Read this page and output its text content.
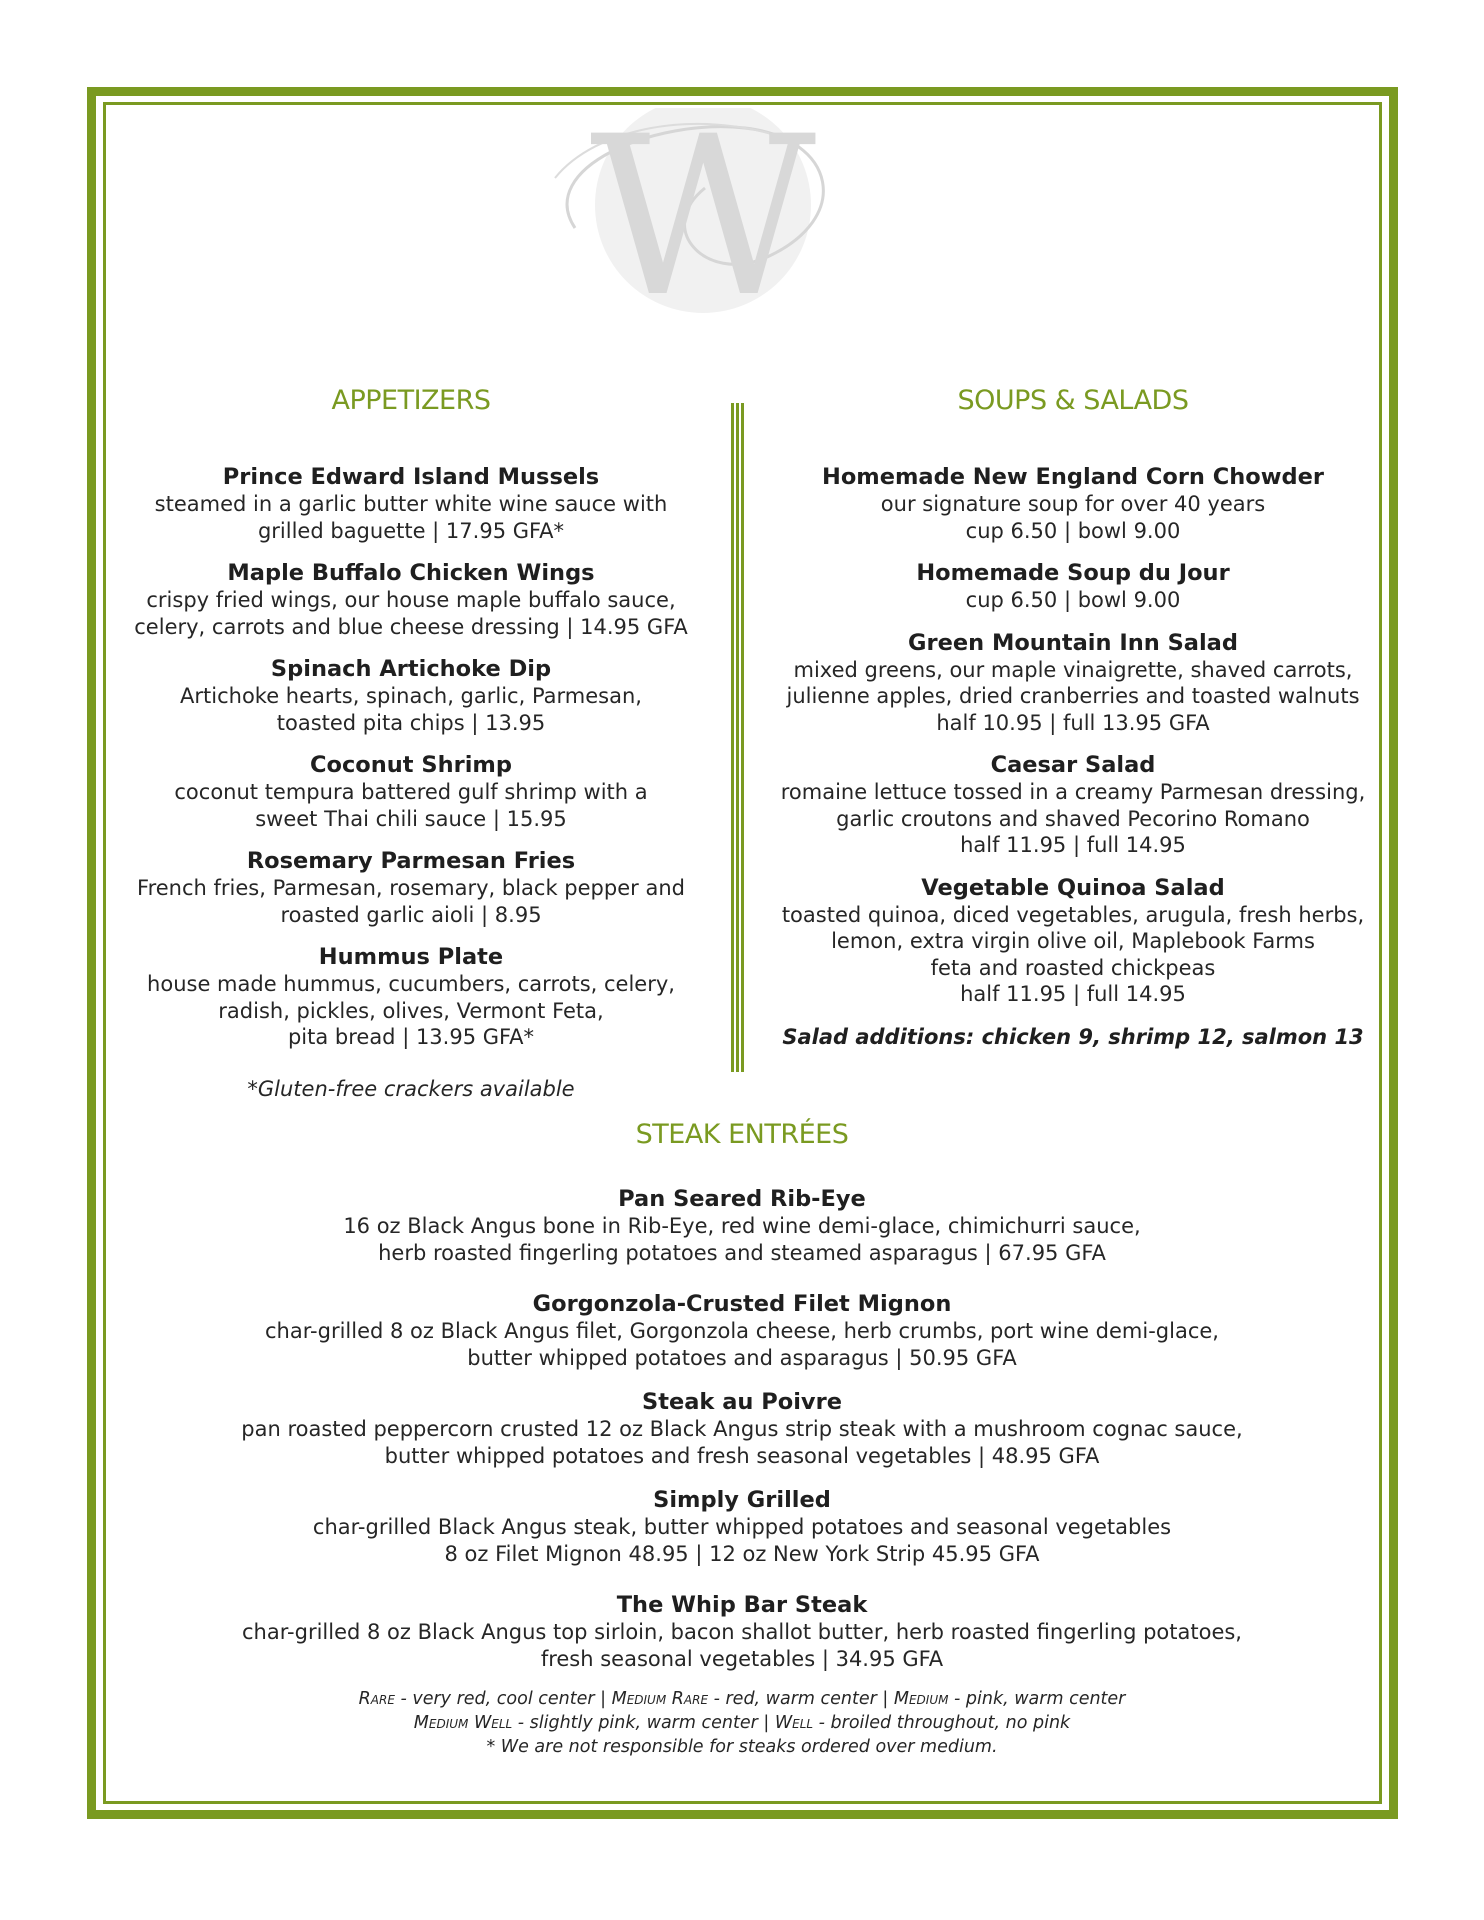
W
APPETIZERS
Prince Edward Island Mussels
steamed in a garlic butter white wine sauce with
grilled baguette | 17.95 GFA*
Maple Buffalo Chicken Wings
crispy fried wings, our house maple buffalo sauce,
celery, carrots and blue cheese dressing | 14.95 GFA
Spinach Artichoke Dip
Artichoke hearts, spinach, garlic, Parmesan,
toasted pita chips | 13.95
Coconut Shrimp
coconut tempura battered gulf shrimp with a
sweet Thai chili sauce | 15.95
Rosemary Parmesan Fries
French fries, Parmesan, rosemary, black pepper and
roasted garlic aioli | 8.95
Hummus Plate
house made hummus, cucumbers, carrots, celery,
radish, pickles, olives, Vermont Feta,
pita bread | 13.95 GFA*
*Gluten-free crackers available
SOUPS & SALADS
Homemade New England Corn Chowder
our signature soup for over 40 years
cup 6.50 | bowl 9.00
Homemade Soup du Jour
cup 6.50 | bowl 9.00
Green Mountain Inn Salad
mixed greens, our maple vinaigrette, shaved carrots,
julienne apples, dried cranberries and toasted walnuts
half 10.95 | full 13.95 GFA
Caesar Salad
romaine lettuce tossed in a creamy Parmesan dressing,
garlic croutons and shaved Pecorino Romano
half 11.95 | full 14.95
Vegetable Quinoa Salad
toasted quinoa, diced vegetables, arugula, fresh herbs,
lemon, extra virgin olive oil, Maplebook Farms
feta and roasted chickpeas
half 11.95 | full 14.95
Salad additions: chicken 9, shrimp 12, salmon 13
STEAK ENTRÉES
Pan Seared Rib-Eye
16 oz Black Angus bone in Rib-Eye, red wine demi-glace, chimichurri sauce,
herb roasted fingerling potatoes and steamed asparagus | 67.95 GFA
Gorgonzola-Crusted Filet Mignon
char-grilled 8 oz Black Angus filet, Gorgonzola cheese, herb crumbs, port wine demi-glace,
butter whipped potatoes and asparagus | 50.95 GFA
Steak au Poivre
pan roasted peppercorn crusted 12 oz Black Angus strip steak with a mushroom cognac sauce,
butter whipped potatoes and fresh seasonal vegetables | 48.95 GFA
Simply Grilled
char-grilled Black Angus steak, butter whipped potatoes and seasonal vegetables
8 oz Filet Mignon 48.95 | 12 oz New York Strip 45.95 GFA
The Whip Bar Steak
char-grilled 8 oz Black Angus top sirloin, bacon shallot butter, herb roasted fingerling potatoes,
fresh seasonal vegetables | 34.95 GFA
Rare - very red, cool center | Medium Rare - red, warm center | Medium - pink, warm center
Medium Well - slightly pink, warm center | Well - broiled throughout, no pink
* We are not responsible for steaks ordered over medium.
